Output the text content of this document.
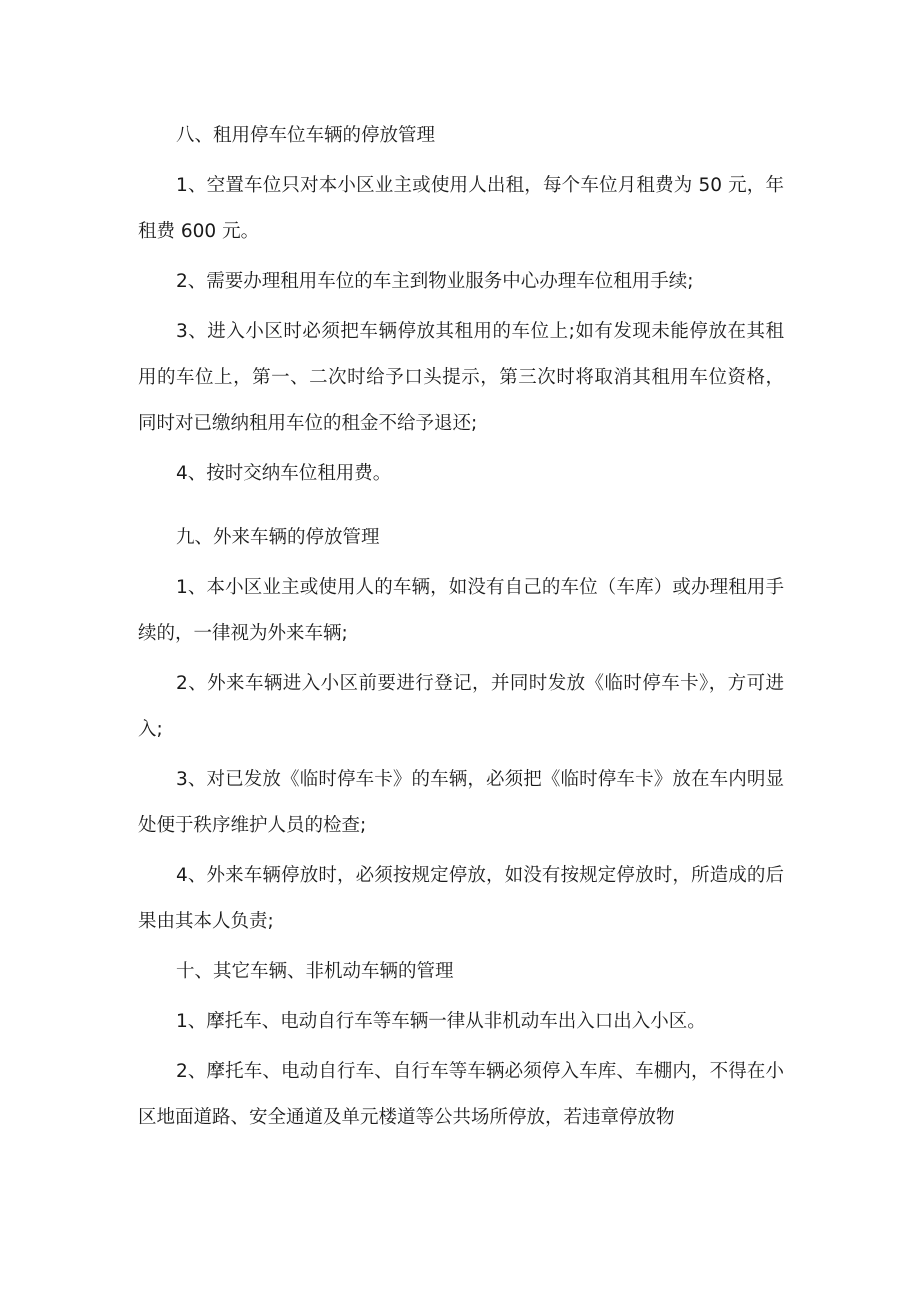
八、租用停车位车辆的停放管理

1、空置车位只对本小区业主或使用人出租，每个车位月租费为 50 元，年租费 600 元。

2、需要办理租用车位的车主到物业服务中心办理车位租用手续;

3、进入小区时必须把车辆停放其租用的车位上;如有发现未能停放在其租用的车位上，第一、二次时给予口头提示，第三次时将取消其租用车位资格，同时对已缴纳租用车位的租金不给予退还;

4、按时交纳车位租用费。

九、外来车辆的停放管理

1、本小区业主或使用人的车辆，如没有自己的车位（车库）或办理租用手续的，一律视为外来车辆;

2、外来车辆进入小区前要进行登记，并同时发放《临时停车卡》，方可进入;

3、对已发放《临时停车卡》的车辆，必须把《临时停车卡》放在车内明显处便于秩序维护人员的检查;

4、外来车辆停放时，必须按规定停放，如没有按规定停放时，所造成的后果由其本人负责;

十、其它车辆、非机动车辆的管理

1、摩托车、电动自行车等车辆一律从非机动车出入口出入小区。

2、摩托车、电动自行车、自行车等车辆必须停入车库、车棚内，不得在小区地面道路、安全通道及单元楼道等公共场所停放，若违章停放物
